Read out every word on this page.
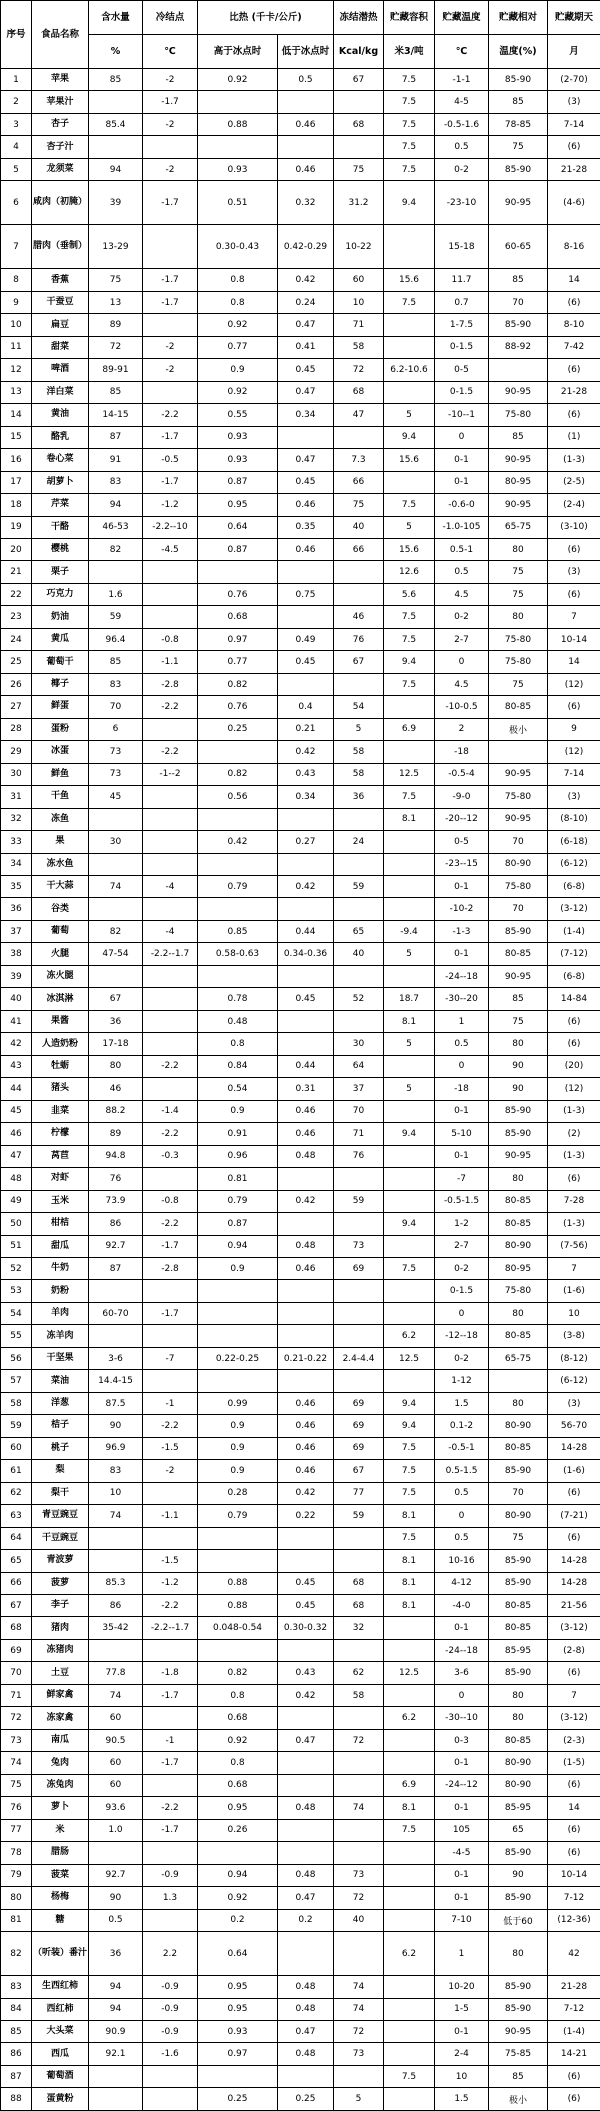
序号	食品名称	含水量	冷结点	比热 (千卡/公斤)		冻结潜热	贮藏容积	贮藏温度	贮藏相对	贮藏期天
		%	℃	高于冰点时	低于冰点时	Kcal/kg	米3/吨	℃	温度(%)	月
1	苹果	85	-2	0.92	0.5	67	7.5	-1-1	85-90	(2-70)
2	苹果汁		-1.7				7.5	4-5	85	(3)
3	杏子	85.4	-2	0.88	0.46	68	7.5	-0.5-1.6	78-85	7-14
4	杏子汁						7.5	0.5	75	(6)
5	龙须菜	94	-2	0.93	0.46	75	7.5	0-2	85-90	21-28
6	咸肉（初腌）	39	-1.7	0.51	0.32	31.2	9.4	-23-10	90-95	(4-6)
7	腊肉（垂制）	13-29		0.30-0.43	0.42-0.29	10-22		15-18	60-65	8-16
8	香蕉	75	-1.7	0.8	0.42	60	15.6	11.7	85	14
9	干蚕豆	13	-1.7	0.8	0.24	10	7.5	0.7	70	(6)
10	扁豆	89		0.92	0.47	71		1-7.5	85-90	8-10
11	甜菜	72	-2	0.77	0.41	58		0-1.5	88-92	7-42
12	啤酒	89-91	-2	0.9	0.45	72	6.2-10.6	0-5		(6)
13	洋白菜	85		0.92	0.47	68		0-1.5	90-95	21-28
14	黄油	14-15	-2.2	0.55	0.34	47	5	-10--1	75-80	(6)
15	酪乳	87	-1.7	0.93			9.4	0	85	(1)
16	卷心菜	91	-0.5	0.93	0.47	7.3	15.6	0-1	90-95	(1-3)
17	胡萝卜	83	-1.7	0.87	0.45	66		0-1	80-95	(2-5)
18	芹菜	94	-1.2	0.95	0.46	75	7.5	-0.6-0	90-95	(2-4)
19	干酪	46-53	-2.2--10	0.64	0.35	40	5	-1.0-105	65-75	(3-10)
20	樱桃	82	-4.5	0.87	0.46	66	15.6	0.5-1	80	(6)
21	栗子						12.6	0.5	75	(3)
22	巧克力	1.6		0.76	0.75		5.6	4.5	75	(6)
23	奶油	59		0.68		46	7.5	0-2	80	7
24	黄瓜	96.4	-0.8	0.97	0.49	76	7.5	2-7	75-80	10-14
25	葡萄干	85	-1.1	0.77	0.45	67	9.4	0	75-80	14
26	椰子	83	-2.8	0.82			7.5	4.5	75	(12)
27	鲜蛋	70	-2.2	0.76	0.4	54		-10-0.5	80-85	(6)
28	蛋粉	6		0.25	0.21	5	6.9	2	极小	9
29	冰蛋	73	-2.2		0.42	58		-18		(12)
30	鲜鱼	73	-1--2	0.82	0.43	58	12.5	-0.5-4	90-95	7-14
31	干鱼	45		0.56	0.34	36	7.5	-9-0	75-80	(3)
32	冻鱼						8.1	-20--12	90-95	(8-10)
33	果	30		0.42	0.27	24		0-5	70	(6-18)
34	冻水鱼							-23--15	80-90	(6-12)
35	干大蒜	74	-4	0.79	0.42	59		0-1	75-80	(6-8)
36	谷类							-10-2	70	(3-12)
37	葡萄	82	-4	0.85	0.44	65	-9.4	-1-3	85-90	(1-4)
38	火腿	47-54	-2.2--1.7	0.58-0.63	0.34-0.36	40	5	0-1	80-85	(7-12)
39	冻火腿							-24--18	90-95	(6-8)
40	冰淇淋	67		0.78	0.45	52	18.7	-30--20	85	14-84
41	果酱	36		0.48			8.1	1	75	(6)
42	人造奶粉	17-18		0.8		30	5	0.5	80	(6)
43	牡蛎	80	-2.2	0.84	0.44	64		0	90	(20)
44	猪头	46		0.54	0.31	37	5	-18	90	(12)
45	韭菜	88.2	-1.4	0.9	0.46	70		0-1	85-90	(1-3)
46	柠檬	89	-2.2	0.91	0.46	71	9.4	5-10	85-90	(2)
47	莴苣	94.8	-0.3	0.96	0.48	76		0-1	90-95	(1-3)
48	对虾	76		0.81				-7	80	(6)
49	玉米	73.9	-0.8	0.79	0.42	59		-0.5-1.5	80-85	7-28
50	柑桔	86	-2.2	0.87			9.4	1-2	80-85	(1-3)
51	甜瓜	92.7	-1.7	0.94	0.48	73		2-7	80-90	(7-56)
52	牛奶	87	-2.8	0.9	0.46	69	7.5	0-2	80-95	7
53	奶粉							0-1.5	75-80	(1-6)
54	羊肉	60-70	-1.7					0	80	10
55	冻羊肉						6.2	-12--18	80-85	(3-8)
56	干坚果	3-6	-7	0.22-0.25	0.21-0.22	2.4-4.4	12.5	0-2	65-75	(8-12)
57	菜油	14.4-15						1-12		(6-12)
58	洋葱	87.5	-1	0.99	0.46	69	9.4	1.5	80	(3)
59	桔子	90	-2.2	0.9	0.46	69	9.4	0.1-2	80-90	56-70
60	桃子	96.9	-1.5	0.9	0.46	69	7.5	-0.5-1	80-85	14-28
61	梨	83	-2	0.9	0.46	67	7.5	0.5-1.5	85-90	(1-6)
62	梨干	10		0.28	0.42	77	7.5	0.5	70	(6)
63	青豆豌豆	74	-1.1	0.79	0.22	59	8.1	0	80-90	(7-21)
64	干豆豌豆						7.5	0.5	75	(6)
65	青波萝		-1.5				8.1	10-16	85-90	14-28
66	菠萝	85.3	-1.2	0.88	0.45	68	8.1	4-12	85-90	14-28
67	李子	86	-2.2	0.88	0.45	68	8.1	-4-0	80-85	21-56
68	猪肉	35-42	-2.2--1.7	0.048-0.54	0.30-0.32	32		0-1	80-85	(3-12)
69	冻猪肉							-24--18	85-95	(2-8)
70	土豆	77.8	-1.8	0.82	0.43	62	12.5	3-6	85-90	(6)
71	鲜家禽	74	-1.7	0.8	0.42	58		0	80	7
72	冻家禽	60		0.68			6.2	-30--10	80	(3-12)
73	南瓜	90.5	-1	0.92	0.47	72		0-3	80-85	(2-3)
74	兔肉	60	-1.7	0.8				0-1	80-90	(1-5)
75	冻兔肉	60		0.68			6.9	-24--12	80-90	(6)
76	萝卜	93.6	-2.2	0.95	0.48	74	8.1	0-1	85-95	14
77	米	1.0	-1.7	0.26			7.5	105	65	(6)
78	腊肠							-4-5	85-90	(6)
79	菠菜	92.7	-0.9	0.94	0.48	73		0-1	90	10-14
80	杨梅	90	1.3	0.92	0.47	72		0-1	85-90	7-12
81	糖	0.5		0.2	0.2	40		7-10	低于60	(12-36)
82	（听装）番汁	36	2.2	0.64			6.2	1	80	42
83	生西红柿	94	-0.9	0.95	0.48	74		10-20	85-90	21-28
84	西红柿	94	-0.9	0.95	0.48	74		1-5	85-90	7-12
85	大头菜	90.9	-0.9	0.93	0.47	72		0-1	90-95	(1-4)
86	西瓜	92.1	-1.6	0.97	0.48	73		2-4	75-85	14-21
87	葡萄酒						7.5	10	85	(6)
88	蛋黄粉			0.25	0.25	5		1.5	极小	(6)
